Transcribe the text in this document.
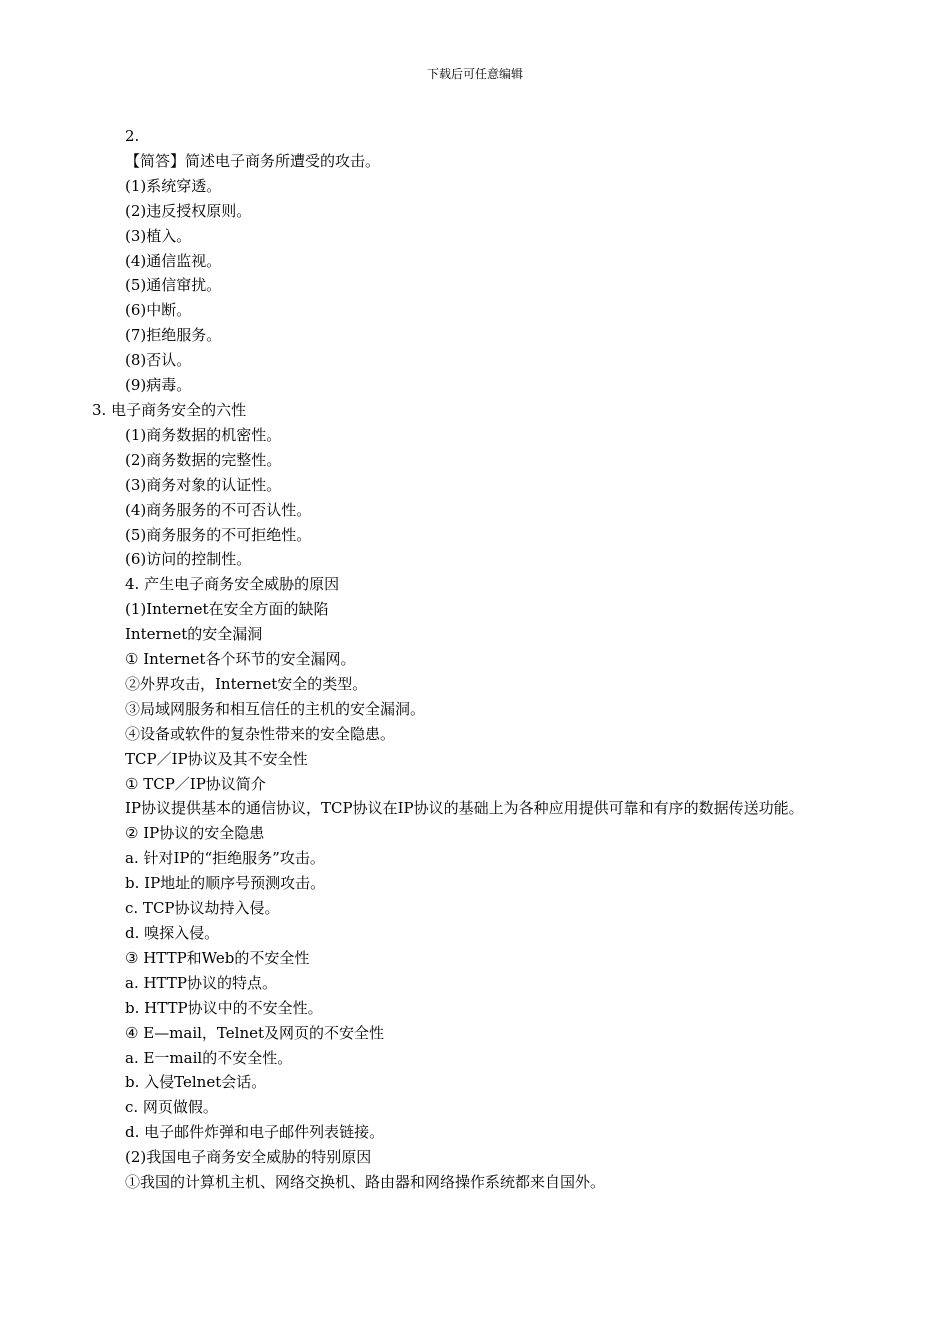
下载后可任意编辑
2.
【简答】简述电子商务所遭受的攻击。
(1)系统穿透。
(2)违反授权原则。
(3)植入。
(4)通信监视。
(5)通信窜扰。
(6)中断。
(7)拒绝服务。
(8)否认。
(9)病毒。
3. 电子商务安全的六性
(1)商务数据的机密性。
(2)商务数据的完整性。
(3)商务对象的认证性。
(4)商务服务的不可否认性。
(5)商务服务的不可拒绝性。
(6)访问的控制性。
4. 产生电子商务安全威胁的原因
(1)Internet在安全方面的缺陷
Internet的安全漏洞
① Internet各个环节的安全漏网。
②外界攻击，Internet安全的类型。
③局域网服务和相互信任的主机的安全漏洞。
④设备或软件的复杂性带来的安全隐患。
TCP／IP协议及其不安全性
① TCP／IP协议简介
IP协议提供基本的通信协议，TCP协议在IP协议的基础上为各种应用提供可靠和有序的数据传送功能。
② IP协议的安全隐患
a. 针对IP的“拒绝服务”攻击。
b. IP地址的顺序号预测攻击。
c. TCP协议劫持入侵。
d. 嗅探入侵。
③ HTTP和Web的不安全性
a. HTTP协议的特点。
b. HTTP协议中的不安全性。
④ E—mail，Telnet及网页的不安全性
a. E一mail的不安全性。
b. 入侵Telnet会话。
c. 网页做假。
d. 电子邮件炸弹和电子邮件列表链接。
(2)我国电子商务安全威胁的特别原因
①我国的计算机主机、网络交换机、路由器和网络操作系统都来自国外。
